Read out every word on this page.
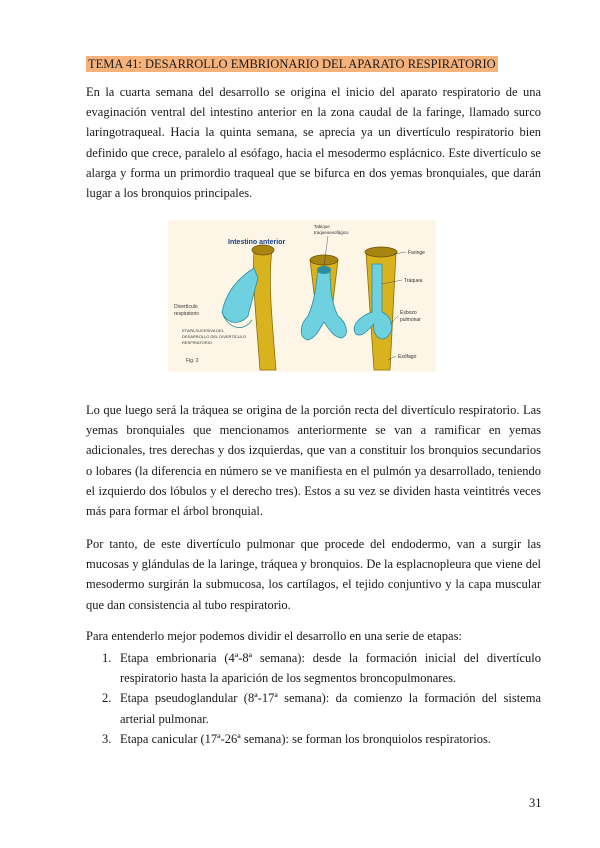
TEMA 41: DESARROLLO EMBRIONARIO DEL APARATO RESPIRATORIO

En la cuarta semana del desarrollo se origina el inicio del aparato respiratorio de una evaginación ventral del intestino anterior en la zona caudal de la faringe, llamado surco laringotraqueal. Hacia la quinta semana, se aprecia ya un divertículo respiratorio bien definido que crece, paralelo al esófago, hacia el mesodermo esplácnico. Este divertículo se alarga y forma un primordio traqueal que se bifurca en dos yemas bronquiales, que darán lugar a los bronquios principales.

Intestino anterior
Divertículo
respiratorio
Tabique
traqueoesofágico
Faringe
Tráquea
Esbozo
pulmonar
Esófago
ETAPA SUCESIVA DEL
DESARROLLO DEL DIVERTÍCULO
RESPIRATORIO
Fig. 2

Lo que luego será la tráquea se origina de la porción recta del divertículo respiratorio. Las yemas bronquiales que mencionamos anteriormente se van a ramificar en yemas adicionales, tres derechas y dos izquierdas, que van a constituir los bronquios secundarios o lobares (la diferencia en número se ve manifiesta en el pulmón ya desarrollado, teniendo el izquierdo dos lóbulos y el derecho tres). Estos a su vez se dividen hasta veintitrés veces más para formar el árbol bronquial.

Por tanto, de este divertículo pulmonar que procede del endodermo, van a surgir las mucosas y glándulas de la laringe, tráquea y bronquios. De la esplacnopleura que viene del mesodermo surgirán la submucosa, los cartílagos, el tejido conjuntivo y la capa muscular que dan consistencia al tubo respiratorio.

Para entenderlo mejor podemos dividir el desarrollo en una serie de etapas:

1. Etapa embrionaria (4ª-8ª semana): desde la formación inicial del divertículo respiratorio hasta la aparición de los segmentos broncopulmonares.
2. Etapa pseudoglandular (8ª-17ª semana): da comienzo la formación del sistema arterial pulmonar.
3. Etapa canicular (17ª-26ª semana): se forman los bronquiolos respiratorios.
31
